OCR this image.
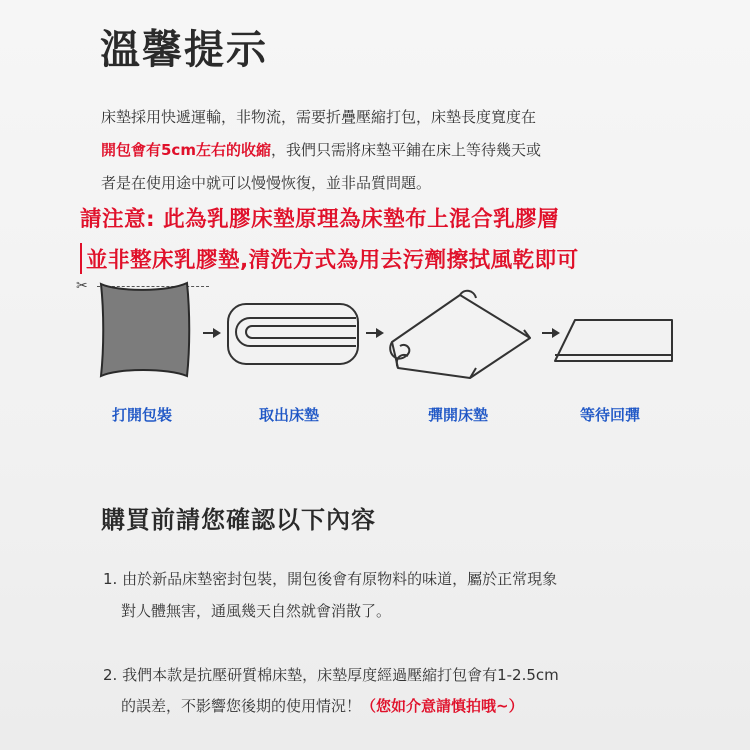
溫馨提示
床墊採用快遞運輸，非物流，需要折疊壓縮打包，床墊長度寬度在
開包會有5cm左右的收縮，我們只需將床墊平鋪在床上等待幾天或
者是在使用途中就可以慢慢恢復，並非品質問題。
請注意: 此為乳膠床墊原理為床墊布上混合乳膠層
並非整床乳膠墊,清洗方式為用去污劑擦拭風乾即可
✂
打開包裝	取出床墊	彈開床墊	等待回彈
購買前請您確認以下內容
1. 由於新品床墊密封包裝，開包後會有原物料的味道，屬於正常現象
對人體無害，通風幾天自然就會消散了。
2. 我們本款是抗壓研質棉床墊，床墊厚度經過壓縮打包會有1-2.5cm
的誤差，不影響您後期的使用情況！（您如介意請慎拍哦~）
